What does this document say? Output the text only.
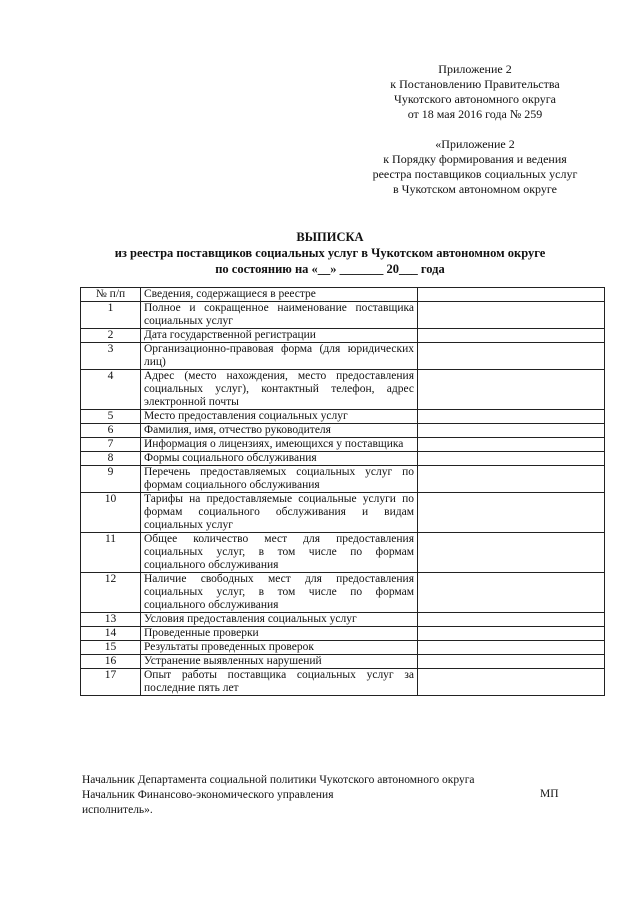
Приложение 2
к Постановлению Правительства
Чукотского автономного округа
от 18 мая 2016 года № 259
«Приложение 2
к Порядку формирования и ведения
реестра поставщиков социальных услуг
в Чукотском автономном округе
ВЫПИСКА
из реестра поставщиков социальных услуг в Чукотском автономном округе
по состоянию на «__» _______ 20___ года
№ п/п	Сведения, содержащиеся в реестре	
1	Полное и сокращенное наименование поставщика социальных услуг	
2	Дата государственной регистрации	
3	Организационно-правовая форма (для юридических лиц)	
4	Адрес (место нахождения, место предоставления социальных услуг), контактный телефон, адрес электронной почты	
5	Место предоставления социальных услуг	
6	Фамилия, имя, отчество руководителя	
7	Информация о лицензиях, имеющихся у поставщика	
8	Формы социального обслуживания	
9	Перечень предоставляемых социальных услуг по формам социального обслуживания	
10	Тарифы на предоставляемые социальные услуги по формам социального обслуживания и видам социальных услуг	
11	Общее количество мест для предоставления социальных услуг, в том числе по формам социального обслуживания	
12	Наличие свободных мест для предоставления социальных услуг, в том числе по формам социального обслуживания	
13	Условия предоставления социальных услуг	
14	Проведенные проверки	
15	Результаты проведенных проверок	
16	Устранение выявленных нарушений	
17	Опыт работы поставщика социальных услуг за последние пять лет	
Начальник Департамента социальной политики Чукотского автономного округа
Начальник Финансово-экономического управления	МП
исполнитель».
